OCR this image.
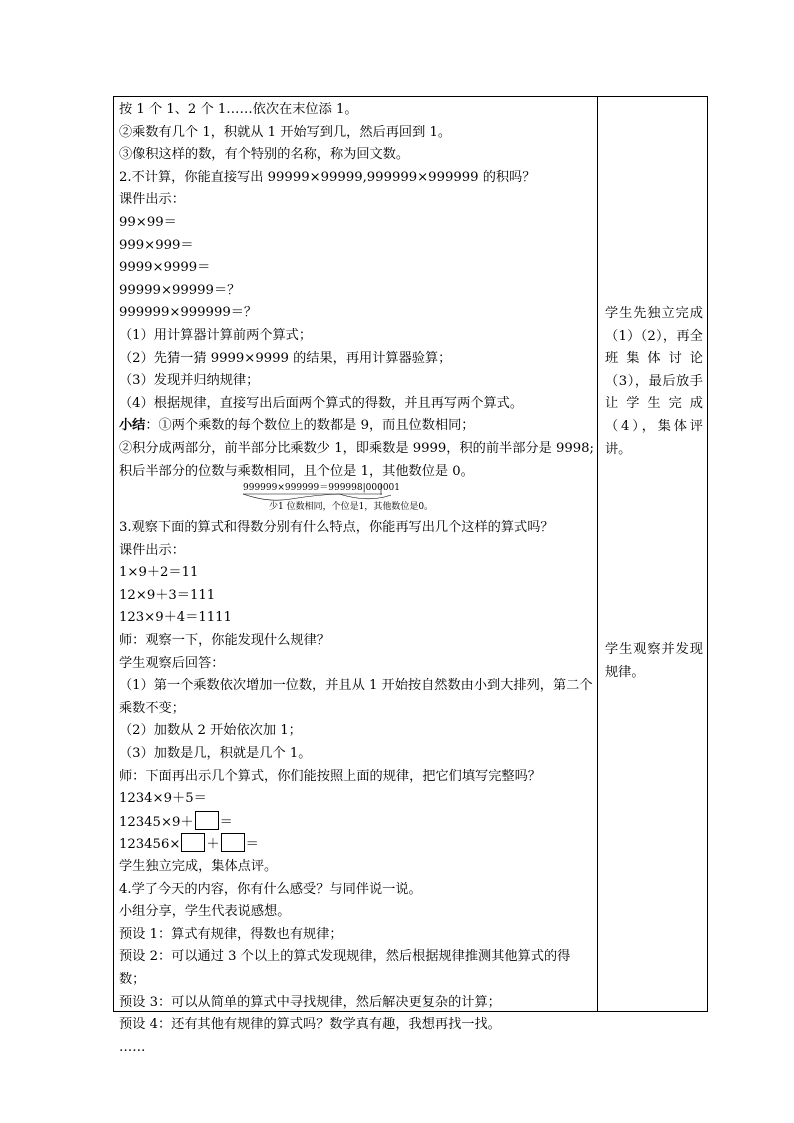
按 1 个 1、2 个 1……依次在末位添 1。
②乘数有几个 1，积就从 1 开始写到几，然后再回到 1。
③像积这样的数，有个特别的名称，称为回文数。
2.不计算，你能直接写出 99999×99999,999999×999999 的积吗？
课件出示：
99×99＝
999×999＝
9999×9999＝
99999×99999＝？
999999×999999＝？
（1）用计算器计算前两个算式；
（2）先猜一猜 9999×9999 的结果，再用计算器验算；
（3）发现并归纳规律；
（4）根据规律，直接写出后面两个算式的得数，并且再写两个算式。
小结：①两个乘数的每个数位上的数都是 9，而且位数相同；
②积分成两部分，前半部分比乘数少 1，即乘数是 9999，积的前半部分是 9998;
积后半部分的位数与乘数相同，且个位是 1，其他数位是 0。
999999×999999＝999998|000001
少1 位数相同，个位是1，其他数位是0。
3.观察下面的算式和得数分别有什么特点，你能再写出几个这样的算式吗？
课件出示：
1×9＋2＝11
12×9＋3＝111
123×9＋4＝1111
师：观察一下，你能发现什么规律？
学生观察后回答：
（1）第一个乘数依次增加一位数，并且从 1 开始按自然数由小到大排列，第二个乘数不变；
（2）加数从 2 开始依次加 1；
（3）加数是几，积就是几个 1。
师：下面再出示几个算式，你们能按照上面的规律，把它们填写完整吗？
1234×9＋5＝
12345×9＋ ＝
123456× ＋ ＝
学生独立完成，集体点评。
4.学了今天的内容，你有什么感受？与同伴说一说。
小组分享，学生代表说感想。
预设 1：算式有规律，得数也有规律；
预设 2：可以通过 3 个以上的算式发现规律，然后根据规律推测其他算式的得数；
预设 3：可以从简单的算式中寻找规律，然后解决更复杂的计算；
预设 4：还有其他有规律的算式吗？数学真有趣，我想再找一找。
……
学生先独立完成（1）（2），再全班集体讨论（3），最后放手让学生完成（4），集体评讲。
学生观察并发现规律。
